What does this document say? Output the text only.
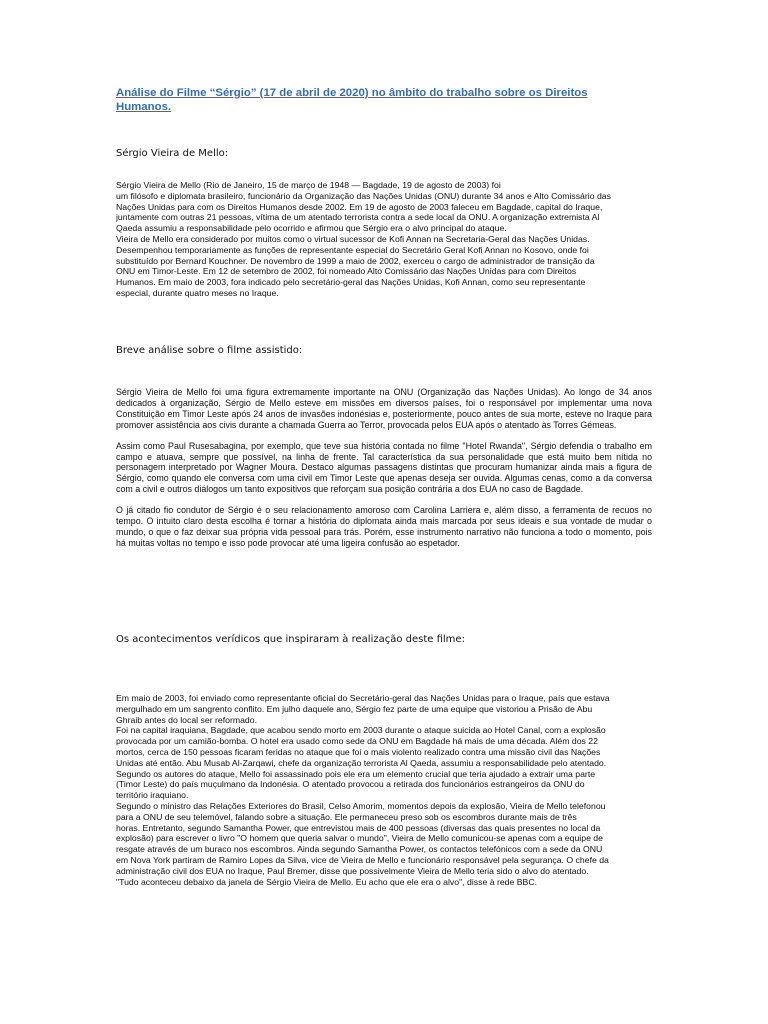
Análise do Filme “Sérgio” (17 de abril de 2020) no âmbito do trabalho sobre os Direitos Humanos.
Sérgio Vieira de Mello:

Sérgio Vieira de Mello (Rio de Janeiro, 15 de março de 1948 — Bagdade, 19 de agosto de 2003) foi

um filósofo e diplomata brasileiro, funcionário da Organização das Nações Unidas (ONU) durante 34 anos e Alto Comissário das

Nações Unidas para com os Direitos Humanos desde 2002. Em 19 de agosto de 2003 faleceu em Bagdade, capital do Iraque,

juntamente com outras 21 pessoas, vítima de um atentado terrorista contra a sede local da ONU. A organização extremista Al

Qaeda assumiu a responsabilidade pelo ocorrido e afirmou que Sérgio era o alvo principal do ataque.

Vieira de Mello era considerado por muitos como o virtual sucessor de Kofi Annan na Secretaria-Geral das Nações Unidas.

Desempenhou temporariamente as funções de representante especial do Secretário Geral Kofi Annan no Kosovo, onde foi

substituído por Bernard Kouchner. De novembro de 1999 a maio de 2002, exerceu o cargo de administrador de transição da

ONU em Timor-Leste. Em 12 de setembro de 2002, foi nomeado Alto Comissário das Nações Unidas para com Direitos

Humanos. Em maio de 2003, fora indicado pelo secretário-geral das Nações Unidas, Kofi Annan, como seu representante

especial, durante quatro meses no Iraque.

Breve análise sobre o filme assistido:

Sérgio Vieira de Mello foi uma figura extremamente importante na ONU (Organização das Nações Unidas). Ao longo de 34 anos dedicados à organização, Sérgio de Mello esteve em missões em diversos países, foi o responsável por implementar uma nova Constituição em Timor Leste após 24 anos de invasões indonésias e, posteriormente, pouco antes de sua morte, esteve no Iraque para promover assistência aos civis durante a chamada Guerra ao Terror, provocada pelos EUA após o atentado às Torres Gémeas.

Assim como Paul Rusesabagina, por exemplo, que teve sua história contada no filme "Hotel Rwanda", Sérgio defendia o trabalho em campo e atuava, sempre que possível, na linha de frente. Tal característica da sua personalidade que está muito bem nítida no personagem interpretado por Wagner Moura. Destaco algumas passagens distintas que procuram humanizar ainda mais a figura de Sérgio, como quando ele conversa com uma civil em Timor Leste que apenas deseja ser ouvida. Algumas cenas, como a da conversa com a civil e outros diálogos um tanto expositivos que reforçam sua posição contrária a dos EUA no caso de Bagdade.

O já citado fio condutor de Sérgio é o seu relacionamento amoroso com Carolina Larriera e, além disso, a ferramenta de recuos no tempo. O intuito claro desta escolha é tornar a história do diplomata ainda mais marcada por seus ideais e sua vontade de mudar o mundo, o que o faz deixar sua própria vida pessoal para trás. Porém, esse instrumento narrativo não funciona a todo o momento, pois há muitas voltas no tempo e isso pode provocar até uma ligeira confusão ao espetador.

Os acontecimentos verídicos que inspiraram à realização deste filme:

Em maio de 2003, foi enviado como representante oficial do Secretário-geral das Nações Unidas para o Iraque, país que estava

mergulhado em um sangrento conflito. Em julho daquele ano, Sérgio fez parte de uma equipe que vistoriou a Prisão de Abu

Ghraib antes do local ser reformado.

Foi na capital iraquiana, Bagdade, que acabou sendo morto em 2003 durante o ataque suicida ao Hotel Canal, com a explosão

provocada por um camião-bomba. O hotel era usado como sede da ONU em Bagdade há mais de uma década. Além dos 22

mortos, cerca de 150 pessoas ficaram feridas no ataque que foi o mais violento realizado contra uma missão civil das Nações

Unidas até então. Abu Musab Al-Zarqawi, chefe da organização terrorista Al Qaeda, assumiu a responsabilidade pelo atentado.

Segundo os autores do ataque, Mello foi assassinado pois ele era um elemento crucial que teria ajudado a extrair uma parte

(Timor Leste) do país muçulmano da Indonésia. O atentado provocou a retirada dos funcionários estrangeiros da ONU do

território iraquiano.

Segundo o ministro das Relações Exteriores do Brasil, Celso Amorim, momentos depois da explosão, Vieira de Mello telefonou

para a ONU de seu telemóvel, falando sobre a situação. Ele permaneceu preso sob os escombros durante mais de três

horas. Entretanto, segundo Samantha Power, que entrevistou mais de 400 pessoas (diversas das quais presentes no local da

explosão) para escrever o livro "O homem que queria salvar o mundo", Vieira de Mello comunicou-se apenas com a equipe de

resgate através de um buraco nos escombros. Ainda segundo Samantha Power, os contactos telefónicos com a sede da ONU

em Nova York partiram de Ramiro Lopes da Silva, vice de Vieira de Mello e funcionário responsável pela segurança. O chefe da

administração civil dos EUA no Iraque, Paul Bremer, disse que possivelmente Vieira de Mello teria sido o alvo do atentado.

"Tudo aconteceu debaixo da janela de Sérgio Vieira de Mello. Eu acho que ele era o alvo", disse à rede BBC.
